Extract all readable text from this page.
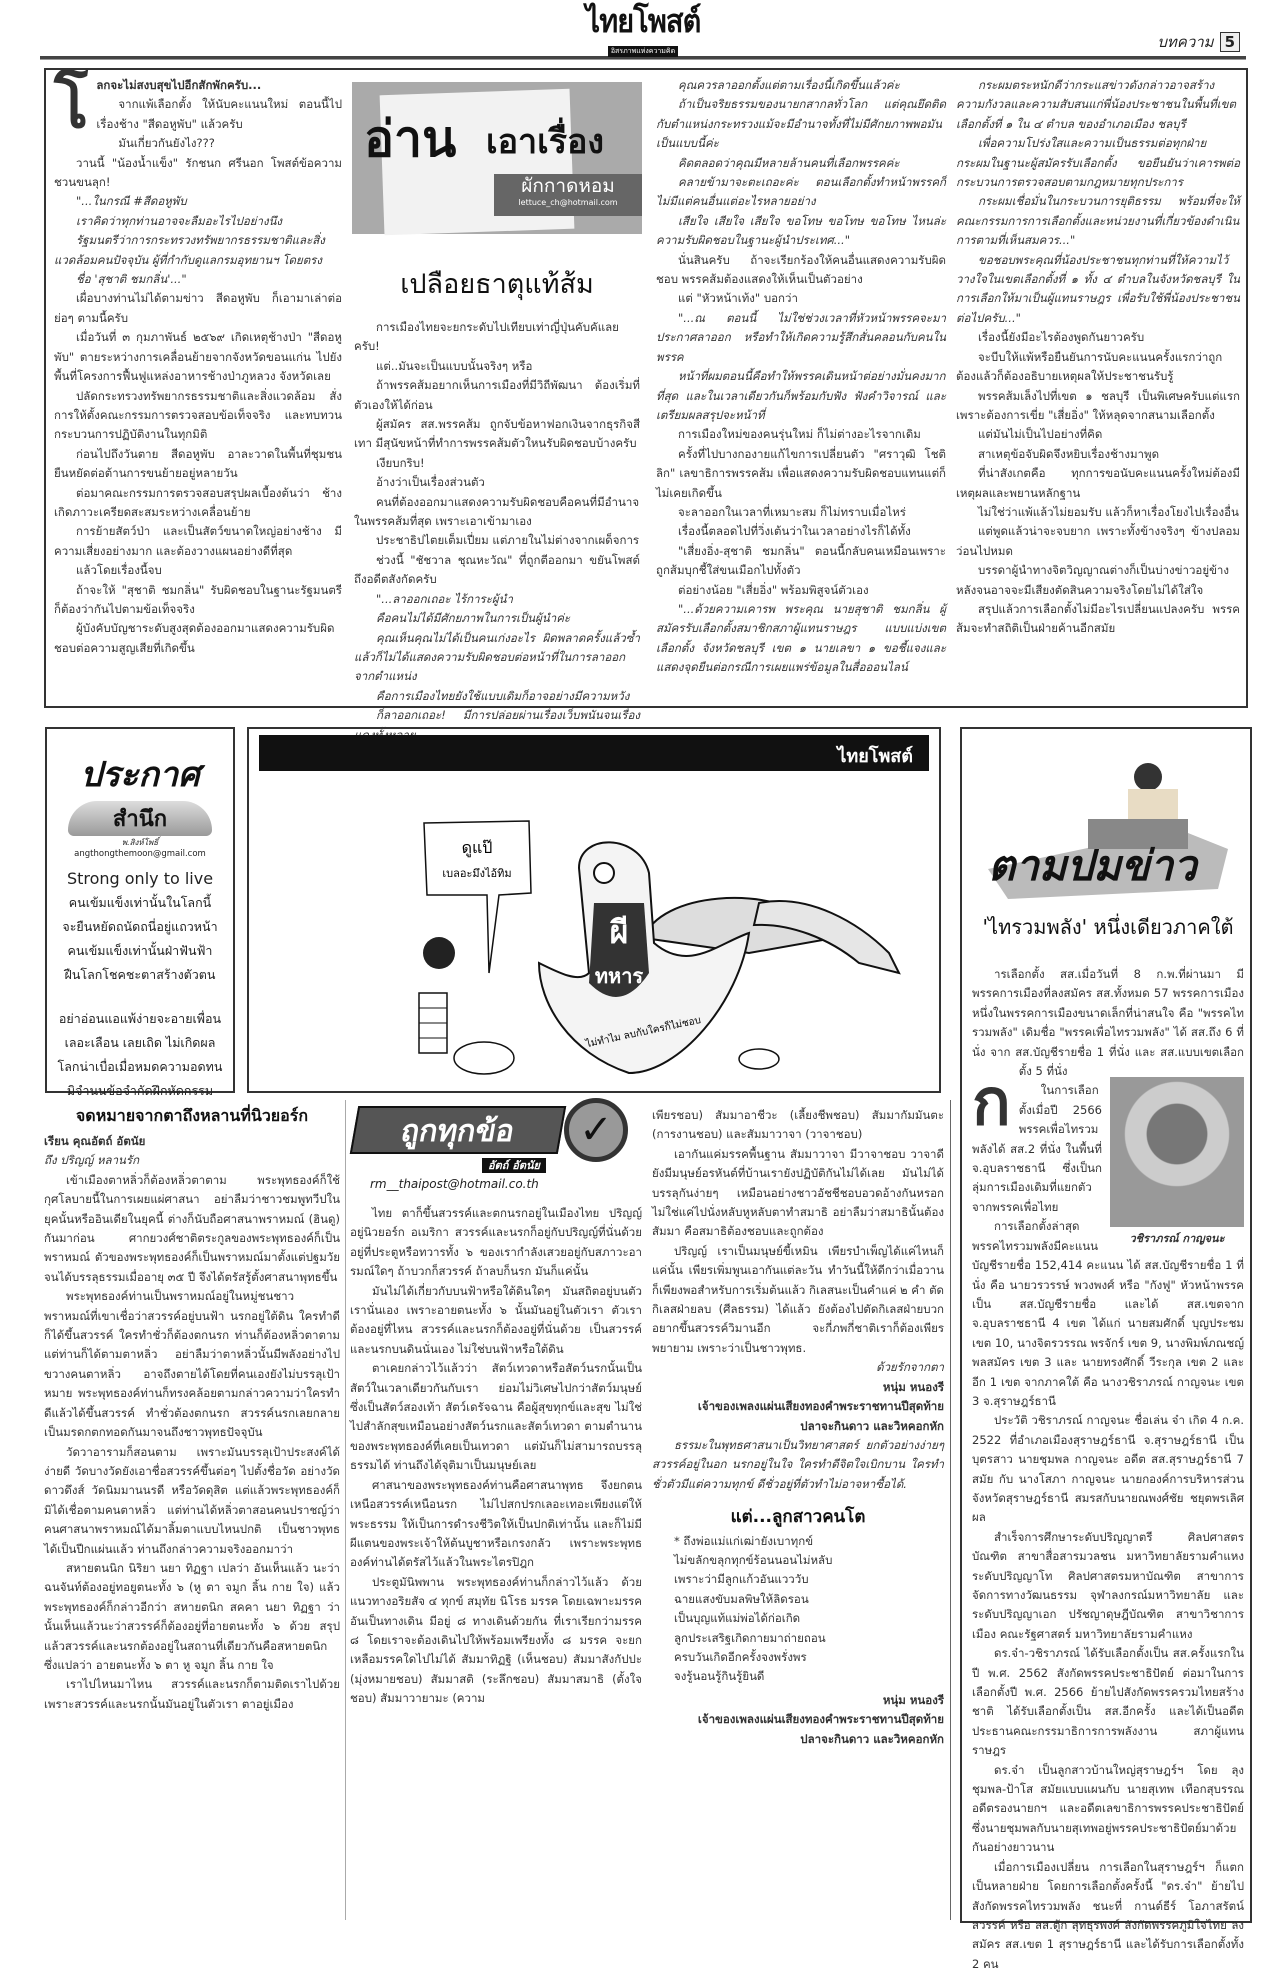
ไทยโพสต์
อิสรภาพแห่งความคิด	บทความ 5
โ ลกจะไม่สงบสุขไปอีกสักพักครับ...

จากแพ้เลือกตั้ง ให้นับคะแนนใหม่ ตอนนี้ไปเรื่องช้าง "สีดอหูพับ" แล้วครับ

มันเกี่ยวกันยังไง???

วานนี้ "น้องน้ำแข็ง" รักชนก ศรีนอก โพสต์ข้อความ ชวนขนลุก!

"...ในกรณี #สีดอหูพับ

เราคิดว่าทุกท่านอาจจะลืมอะไรไปอย่างนึง

รัฐมนตรีว่าการกระทรวงทรัพยากรธรรมชาติและสิ่งแวดล้อมคนปัจจุบัน ผู้ที่กำกับดูแลกรมอุทยานฯ โดยตรง

ชื่อ 'สุชาติ ชมกลิ่น'..."

เผื่อบางท่านไม่ได้ตามข่าว สีดอหูพับ ก็เอามาเล่าต่อย่อๆ ตามนี้ครับ

เมื่อวันที่ ๓ กุมภาพันธ์ ๒๕๖๙ เกิดเหตุช้างป่า "สีดอหูพับ" ตายระหว่างการเคลื่อนย้ายจากจังหวัดขอนแก่น ไปยังพื้นที่โครงการฟื้นฟูแหล่งอาหารช้างป่าภูหลวง จังหวัดเลย

ปลัดกระทรวงทรัพยากรธรรมชาติและสิ่งแวดล้อม สั่งการให้ตั้งคณะกรรมการตรวจสอบข้อเท็จจริง และทบทวนกระบวนการปฏิบัติงานในทุกมิติ

ก่อนไปถึงวันตาย สีดอหูพับ อาละวาดในพื้นที่ชุมชน ยืนหยัดต่อต้านการขนย้ายอยู่หลายวัน

ต่อมาคณะกรรมการตรวจสอบสรุปผลเบื้องต้นว่า ช้างเกิดภาวะเครียดสะสมระหว่างเคลื่อนย้าย

การย้ายสัตว์ป่า และเป็นสัตว์ขนาดใหญ่อย่างช้าง มีความเสี่ยงอย่างมาก และต้องวางแผนอย่างดีที่สุด

แล้วโดยเรื่องนี้จบ

ถ้าจะให้ "สุชาติ ชมกลิ่น" รับผิดชอบในฐานะรัฐมนตรี ก็ต้องว่ากันไปตามข้อเท็จจริง

ผู้บังคับบัญชาระดับสูงสุดต้องออกมาแสดงความรับผิดชอบต่อความสูญเสียที่เกิดขึ้น

อ่าน เอาเรื่อง
ผักกาดหอม
lettuce_ch@hotmail.com
เปลือยธาตุแท้ส้ม

การเมืองไทยจะยกระดับไปเทียบเท่าญี่ปุ่นคับคัแลยครับ!

แต่..มันจะเป็นแบบนั้นจริงๆ หรือ

ถ้าพรรคส้มอยากเห็นการเมืองที่มีวิถีพัฒนา ต้องเริ่มที่ตัวเองให้ได้ก่อน

ผู้สมัคร สส.พรรคส้ม ถูกจับข้อหาฟอกเงินจากธุรกิจสีเทา มีสุนัขหน้าที่ทำการพรรคส้มตัวใหนรับผิดชอบบ้างครับ

เงียบกริบ!

อ้างว่าเป็นเรื่องส่วนตัว

คนที่ต้องออกมาแสดงความรับผิดชอบคือคนที่มีอำนาจในพรรคส้มที่สุด เพราะเอาเข้ามาเอง

ประชาธิปไตยเต็มเปี่ยม แต่ภายในไม่ต่างจากเผด็จการ

ช่วงนี้ "ชัชวาล ชุณหะวัณ" ที่ถูกตีออกมา ขยันโพสต์ถึงอดีตสังกัดครับ

"...ลาออกเถอะ ไร้การะผู้นำ

คือคนไม่ได้มีศักยภาพในการเป็นผู้นำค่ะ

คุณเห็นคุณไม่ได้เป็นคนเก่งอะไร ผิดพลาดครั้งแล้วซ้ำแล้วก็ไม่ได้แสดงความรับผิดชอบต่อหน้าที่ในการลาออกจากตำแหน่ง

คือการเมืองไทยยังใช้แบบเดิมก็อาจอย่างมีความหวัง

ก็ลาออกเถอะ! มีการปล่อยผ่านเรื่องเว็บพนันจนเรื่อง

คุณควรลาออกตั้งแต่ตามเรื่องนี้เกิดขึ้นแล้วค่ะ

ถ้าเป็นจริยธรรมของนายกสากลทั่วโลก แต่คุณยึดติดกับตำแหน่งกระทรวงแม้จะมีอำนาจทั้งที่ไม่มีศักยภาพพอมันเป็นแบบนี้ค่ะ

คิดตลอดว่าคุณมีหลายล้านคนที่เลือกพรรคค่ะ

คลายข้ามาจะตะเถอะค่ะ ตอนเลือกตั้งทำหน้าพรรคก็ไม่มีแต่คนอื่นแต่อะไรหลายอย่าง

เสียใจ เสียใจ เสียใจ ขอโทษ ขอโทษ ขอโทษ ไหนล่ะความรับผิดชอบในฐานะผู้นำประเทศ..."

นั่นสินครับ ถ้าจะเรียกร้องให้คนอื่นแสดงความรับผิดชอบ พรรคส้มต้องแสดงให้เห็นเป็นตัวอย่าง

แต่ "หัวหน้าเท้ง" บอกว่า

"...ณ ตอนนี้ ไม่ใช่ช่วงเวลาที่หัวหน้าพรรคจะมาประกาศลาออก หรือทำให้เกิดความรู้สึกสั่นคลอนกับคนในพรรค

หน้าที่ผมตอนนี้คือทำให้พรรคเดินหน้าต่อย่างมั่นคงมากที่สุด และในเวลาเดียวกันก็พร้อมกับฟัง ฟังคำวิจารณ์ และเตรียมผลสรุปจะหน้าที่

การเมืองใหม่ของคนรุ่นใหม่ ก็ไม่ต่างอะไรจากเดิม

ครั้งที่ไปบางกองายแก้ไขการเปลี่ยนตัว "ศราวุฒิ โชติลิก" เลขาธิการพรรคส้ม เพื่อแสดงความรับผิดชอบแทนแต่ก็ไม่เคยเกิดขึ้น

จะลาออกในเวลาที่เหมาะสม ก็ไม่ทราบเมื่อไหร่

เรื่องนี้ตลอดไปที่วิ่งเต้นว่าในเวลาอย่างไรก็ได้ทั้ง

"เสี่ยงอิ่ง-สุชาติ ชมกลิ่น" ตอนนี้กลับคนเหมือนเพราะถูกส้มบุกชี้ใส่ขนเมือกไปทั้งตัว

ต่อย่างน้อย "เสี่ยอิ่ง" พร้อมพิสูจน์ตัวเอง

"...ด้วยความเคารพ พระคุณ นายสุชาติ ชมกลิ่น ผู้สมัครรับเลือกตั้งสมาชิกสภาผู้แทนราษฎร แบบแบ่งเขตเลือกตั้ง จังหวัดชลบุรี เขต ๑ นายเลขา ๑ ขอชี้แจงและแสดงจุดยืนต่อกรณีการเผยแพร่ข้อมูลในสื่อออนไลน์

กระผมตระหนักดีว่ากระแสข่าวดังกล่าวอาจสร้างความกังวลและความสับสนแก่พี่น้องประชาชนในพื้นที่เขตเลือกตั้งที่ ๑ ใน ๔ ตำบล ของอำเภอเมือง ชลบุรี

เพื่อความโปร่งใสและความเป็นธรรมต่อทุกฝ่าย กระผมในฐานะผู้สมัครรับเลือกตั้ง ขอยืนยันว่าเคารพต่อกระบวนการตรวจสอบตามกฎหมายทุกประการ

กระผมเชื่อมั่นในกระบวนการยุติธรรม พร้อมที่จะให้คณะกรรมการการเลือกตั้งและหน่วยงานที่เกี่ยวข้องดำเนินการตามที่เห็นสมควร..."

ขอชอบพระคุณที่น้องประชาชนทุกท่านที่ให้ความไว้วางใจในเขตเลือกตั้งที่ ๑ ทั้ง ๔ ตำบลในจังหวัดชลบุรี ในการเลือกให้มาเป็นผู้แทนราษฎร เพื่อรับใช้พี่น้องประชาชนต่อไปครับ..."

เรื่องนี้ยังมีอะไรต้องพูดกันยาวครับ

จะบีบให้แพ้หรือยืนยันการนับคะแนนครั้งแรกว่าถูกต้องแล้วก็ต้องอธิบายเหตุผลให้ประชาชนรับรู้

พรรคส้มเล็งไปที่เขต ๑ ชลบุรี เป็นพิเศษครับแต่แรก เพราะต้องการเขี่ย "เสี่ยอิ่ง" ให้หลุดจากสนามเลือกตั้ง

แต่มันไม่เป็นไปอย่างที่คิด

สาเหตุข้อจับผิดจึงหยิบเรื่องช้างมาพูด

ที่น่าสังเกตคือ ทุกการขอนับคะแนนครั้งใหม่ต้องมีเหตุผลและพยานหลักฐาน

ไม่ใช่ว่าแพ้แล้วไม่ยอมรับ แล้วก็หาเรื่องโยงไปเรื่องอื่น

แต่พูดแล้วน่าจะจบยาก เพราะทั้งข้างจริงๆ ข้างปลอม ว่อนไปหมด

บรรดาผู้นำทางจิตวิญญาณต่างก็เป็นบ่างข่าวอยู่ข้างหลังจนอาจจะมีเสียงตัดสินความจริงโดยไม่ได้ใส่ใจ

สรุปแล้วการเลือกตั้งไม่มีอะไรเปลี่ยนแปลงครับ พรรคส้มจะทำสถิติเป็นฝ่ายค้านอีกสมัย

ประกาศ
สำนึก
พ.สิงห์โพธิ์
angthongthemoon@gmail.com
Strong only to live
คนเข้มแข็งเท่านั้นในโลกนี้
จะยืนหยัดถนัดถนี่อยู่แถวหน้า
คนเข้มแข็งเท่านั้นฝ่าฟันฟ้า
ฝืนโลกโชคชะตาสร้างตัวตน
อย่าอ่อนแอแพ้ง่ายจะอายเพื่อน
เลอะเลือน เลยเถิด ไม่เกิดผล
โลกน่าเบื่อเมื่อหมดความอดทน
มิจำนนข้อจำกัดฝึกหัดกรรม
ไทยโพสต์
ดูแป๊
เบลอะมึงไอ้ทิม
ผี
ทหาร
ไม่ทำไม ลบกับใครก็ไม่ชอบ
ตามปมข่าว
'ไทรวมพลัง' หนึ่งเดียวภาคใต้
วชิราภรณ์ กาญจนะ
ก

ารเลือกตั้ง สส.เมื่อวันที่ 8 ก.พ.ที่ผ่านมา มีพรรคการเมืองที่ลงสมัคร สส.ทั้งหมด 57 พรรคการเมือง หนึ่งในพรรคการเมืองขนาดเล็กที่น่าสนใจ คือ "พรรคไทรวมพลัง" เดิมชื่อ "พรรคเพื่อไทรวมพลัง" ได้ สส.ถึง 6 ที่นั่ง จาก สส.บัญชีรายชื่อ 1 ที่นั่ง และ สส.แบบเขตเลือกตั้ง 5 ที่นั่ง

ในการเลือกตั้งเมื่อปี 2566 พรรคเพื่อไทรวมพลังได้ สส.2 ที่นั่ง ในพื้นที่ จ.อุบลราชธานี ซึ่งเป็นกลุ่มการเมืองเดิมที่แยกตัวจากพรรคเพื่อไทย

การเลือกตั้งล่าสุด พรรคไทรวมพลังมีคะแนนบัญชีรายชื่อ 152,414 คะแนน ได้ สส.บัญชีรายชื่อ 1 ที่นั่ง คือ นายวรวรรษ์ พวงพงศ์ หรือ "กังฟู" หัวหน้าพรรค เป็น สส.บัญชีรายชื่อ และได้ สส.เขตจาก จ.อุบลราชธานี 4 เขต ได้แก่ นายสมศักดิ์ บุญประชม เขต 10, นางจิตรวรรณ พรจักร์ เขต 9, นางพิมพ์ภณชญ์ พลสมัคร เขต 3 และ นายทรงศักดิ์ วีระกุล เขต 2 และอีก 1 เขต จากภาคใต้ คือ นางวชิราภรณ์ กาญจนะ เขต 3 จ.สุราษฎร์ธานี

ประวัติ วชิราภรณ์ กาญจนะ ชื่อเล่น จ๋า เกิด 4 ก.ค. 2522 ที่อำเภอเมืองสุราษฎร์ธานี จ.สุราษฎร์ธานี เป็นบุตรสาว นายชุมพล กาญจนะ อดีต สส.สุราษฎร์ธานี 7 สมัย กับ นางโสภา กาญจนะ นายกองค์การบริหารส่วนจังหวัดสุราษฎร์ธานี สมรสกับนายณพงศ์ชัย ชยุตพรเลิศผล

สำเร็จการศึกษาระดับปริญญาตรี ศิลปศาสตรบัณฑิต สาขาสื่อสารมวลชน มหาวิทยาลัยรามคำแหง ระดับปริญญาโท ศิลปศาสตรมหาบัณฑิต สาขาการจัดการทางวัฒนธรรม จุฬาลงกรณ์มหาวิทยาลัย และระดับปริญญาเอก ปรัชญาดุษฎีบัณฑิต สาขาวิชาการเมือง คณะรัฐศาสตร์ มหาวิทยาลัยรามคำแหง

ดร.จ๋า-วชิราภรณ์ ได้รับเลือกตั้งเป็น สส.ครั้งแรกใน ปี พ.ศ. 2562 สังกัดพรรคประชาธิปัตย์ ต่อมาในการเลือกตั้งปี พ.ศ. 2566 ย้ายไปสังกัดพรรครวมไทยสร้างชาติ ได้รับเลือกตั้งเป็น สส.อีกครั้ง และได้เป็นอดีตประธานคณะกรรมาธิการการพลังงาน สภาผู้แทนราษฎร

ดร.จ๋า เป็นลูกสาวบ้านใหญ่สุราษฎร์ฯ โดย ลุงชุมพล-ป้าโส สมัยแบบแผนกับ นายสุเทพ เทือกสุบรรณ อดีตรองนายกฯ และอดีตเลขาธิการพรรคประชาธิปัตย์ ซึ่งนายชุมพลกับนายสุเทพอยู่พรรคประชาธิปัตย์มาด้วยกันอย่างยาวนาน

เมื่อการเมืองเปลี่ยน การเลือกในสุราษฎร์ฯ ก็แตกเป็นหลายฝ่าย โดยการเลือกตั้งครั้งนี้ "ดร.จ๋า" ย้ายไปสังกัดพรรคไทรวมพลัง ชนะที่ กานต์ธีร์ โอภาสรัตน์สวรรค์ หรือ สส.ตู้ก สุทธุรพงศ์ สังกัดพรรคภูมิใจไทย ลงสมัคร สส.เขต 1 สุราษฎร์ธานี และได้รับการเลือกตั้งทั้ง 2 คน

จดหมายจากตาถึงหลานที่นิวยอร์ก

เรียน คุณอัตถ์ อัตนัย

ถึง ปริญญ์ หลานรัก

เข้าเมืองตาหลิ่วก็ต้องหลิ่วตาตาม พระพุทธองค์ก็ใช้กุศโลบายนี้ในการเผยแผ่ศาสนา อย่าลืมว่าชาวชมพูทวีปในยุคนั้นหรืออินเดียในยุคนี้ ต่างก็นับถือศาสนาพราหมณ์ (ฮินดู) กันมาก่อน ศากยวงศ์ชาติตระกูลของพระพุทธองค์ก็เป็นพราหมณ์ ตัวของพระพุทธองค์ก็เป็นพราหมณ์มาตั้งแต่ปฐมวัย จนได้บรรลุธรรมเมื่ออายุ ๓๕ ปี จึงได้ตรัสรู้ตั้งศาสนาพุทธขึ้น

พระพุทธองค์ท่านเป็นพราหมณ์อยู่ในหมู่ชนชาวพราหมณ์ที่เขาเชื่อว่าสวรรค์อยู่บนฟ้า นรกอยู่ใต้ดิน ใครทำดีก็ได้ขึ้นสวรรค์ ใครทำชั่วก็ต้องตกนรก ท่านก็ต้องหลิ่วตาตาม แต่ท่านก็ได้ตามตาหลิ่ว อย่าลืมว่าตาหลิ่วนั้นมีพลังอย่างไปขวางคนตาหลิ่ว อาจถึงตายได้โดยที่คนเองยังไม่บรรลุเป้าหมาย พระพุทธองค์ท่านก็ทรงคล้อยตามกล่าวความว่าใครทำดีแล้วได้ขึ้นสวรรค์ ทำชั่วต้องตกนรก สวรรค์นรกเลยกลายเป็นมรดกตกทอดกันมาจนถึงชาวพุทธปัจจุบัน

วัดวาอารามก็สอนตาม เพราะมันบรรลุเป้าประสงค์ได้ง่ายดี วัดบางวัดยังเอาชื่อสวรรค์ขึ้นต่อๆ ไปตั้งชื่อวัด อย่างวัดดาวดึงส์ วัดนิมมานนรดี หรือวัดดุสิต แต่แล้วพระพุทธองค์ก็มิได้เชื่อตามคนตาหลิ่ว แต่ท่านได้หลิ่วตาสอนคนปราชญ์ว่าคนศาสนาพราหมณ์ได้มาลิ้มตาแบบไหนปกติ เป็นชาวพุทธได้เป็นปีกแผ่นแล้ว ท่านถึงกล่าวความจริงออกมาว่า

สหายตนนิก นิริยา นยา ทิฏฐา เปลว่า อันเห็นแล้ว นะว่าฉนจันท์ต้องอยู่ทอยูตนะทั้ง ๖ (หู ตา จมูก ลิ้น กาย ใจ) แล้วพระพุทธองค์ก็กล่าวอีกว่า สหายตนิก สคคา นยา ทิฏฐา ว่านั้นเห็นแล้วนะว่าสวรรค์ก็ต้องอยู่ที่อายตนะทั้ง ๖ ด้วย สรุปแล้วสวรรค์และนรกต้องอยู่ในสถานที่เดียวกันคือสหายตนิก ซึ่งแปลว่า อายตนะทั้ง ๖ ตา หู จมูก ลิ้น กาย ใจ

เราไปไหนมาไหน สวรรค์และนรกก็ตามติดเราไปด้วย เพราะสวรรค์และนรกนั้นมันอยู่ในตัวเรา ตาอยู่เมือง

ถูกทุกข้อ	✓
อัตถ์ อัตนัย
rm__thaipost@hotmail.co.th

ไทย ตาก็ขึ้นสวรรค์และตกนรกอยู่ในเมืองไทย ปริญญ์อยู่นิวยอร์ก อเมริกา สวรรค์และนรกก็อยู่กับปริญญ์ที่นั่นด้วย อยู่ที่ประตูหรือทวารทั้ง ๖ ของเรากำลังเสวยอยู่กับสภาวะอารมณ์ใดๆ ถ้าบวกก็สวรรค์ ถ้าลบก็นรก มันก็แค่นั้น

มันไม่ได้เกี่ยวกับบนฟ้าหรือใต้ดินใดๆ มันสถิตอยู่บนตัวเรานั่นเอง เพราะอายตนะทั้ง ๖ นั้นมันอยู่ในตัวเรา ตัวเราต้องอยู่ที่ไหน สวรรค์และนรกก็ต้องอยู่ที่นั่นด้วย เป็นสวรรค์และนรกบนดินนั่นเอง ไม่ใช่บนฟ้าหรือใต้ดิน

ตาเคยกล่าวไว้แล้วว่า สัตว์เทวดาหรือสัตว์นรกนั้นเป็นสัตว์ในเวลาเดียวกันกับเรา ย่อมไม่วิเศษไปกว่าสัตว์มนุษย์ ซึ่งเป็นสัตว์สองเท้า สัตว์เดรัจฉาน คือผู้สุขทุกข์และสุข ไม่ใช่ไปสำลักสุขเหมือนอย่างสัตว์นรกและสัตว์เทวดา ตามตำนานของพระพุทธองค์ที่เคยเป็นเทวดา แต่มันก็ไม่สามารถบรรลุธรรมได้ ท่านถึงได้จุติมาเป็นมนุษย์เลย

ศาสนาของพระพุทธองค์ท่านคือศาสนาพุทธ จึงยกตนเหนือสวรรค์เหนือนรก ไม่ไปสกปรกเลอะเทอะเพียงแต่ให้พระธรรม ให้เป็นการดำรงชีวิตให้เป็นปกติเท่านั้น และก็ไม่มีผีแตนของพระเจ้าให้ต้นบูชาหรือเกรงกลัว เพราะพระพุทธองค์ท่านได้ตรัสไว้แล้วในพระไตรปิฎก

ประตูมันิพพาน พระพุทธองค์ท่านก็กล่าวไว้แล้ว ด้วยแนวทางอริยสัจ ๔ ทุกข์ สมุทัย นิโรธ มรรค โดยเฉพาะมรรคอันเป็นทางเดิน มีอยู่ ๘ ทางเดินด้วยกัน ที่เราเรียกว่ามรรค ๘ โดยเราจะต้องเดินไปให้พร้อมเพรียงทั้ง ๘ มรรค จะยกเหลือมรรคใดไปไม่ได้ สัมมาทิฏฐิ (เห็นชอบ) สัมมาสังกัปปะ (มุ่งหมายชอบ) สัมมาสติ (ระลึกชอบ) สัมมาสมาธิ (ตั้งใจชอบ) สัมมาวายามะ (ความ

เพียรชอบ) สัมมาอาชีวะ (เลี้ยงชีพชอบ) สัมมากัมมันตะ (การงานชอบ) และสัมมาวาจา (วาจาชอบ)

เอากันแค่มรรคพื้นฐาน สัมมาวาจา มีวาจาชอบ วาจาดี ยังมีมนุษย์อรหันต์ที่บ้านเรายังปฏิบัติกันไม่ได้เลย มันไม่ได้บรรลุกันง่ายๆ เหมือนอย่างชาวอัชชีชอบอวดอ้างกันหรอก ไม่ใช่แค่ไปนั่งหลับหูหลับตาทำสมาธิ อย่าลืมว่าสมาธินั้นต้องสัมมา คือสมาธิต้องชอบและถูกต้อง

ปริญญ์ เราเป็นมนุษย์ขี้เหมิน เพียรบำเพ็ญได้แค่ไหนก็แค่นั้น เพียรเพิ่มพูนเอากันแต่ละวัน ทำวันนี้ให้ดีกว่าเมื่อวาน ก็เพียงพอสำหรับการเริ่มต้นแล้ว กิเลสนะเป็นคำแค่ ๒ คำ ตัดกิเลสฝ่ายลบ (ศีลธรรม) ได้แล้ว ยังต้องไปตัดกิเลสฝ่ายบวกอยากขึ้นสวรรค์วิมานอีก จะกี่ภพกี่ชาติเราก็ต้องเพียรพยายาม เพราะว่าเป็นชาวพุทธ.

ด้วยรักจากตา

หนุ่ม หนองรี

เจ้าของเพลงแผ่นเสียงทองคำพระราชทานปีสุดท้าย

ปลาจะกินดาว และวิหคอกหัก

ธรรมะในพุทธศาสนาเป็นวิทยาศาสตร์ ยกตัวอย่างง่ายๆ สวรรค์อยู่ในอก นรกอยู่ในใจ ใครทำดีจิตใจเบิกบาน ใครทำชั่วตัวมีแต่ความทุกข์ ดีชั่วอยู่ที่ตัวทำไม่อาจหาซื้อได้.

แต่...ลูกสาวคนโต
* ถึงพ่อแม่แก่เฒ่ายังเบาทุกข์
ไม่ขลักขลุกทุกข์ร้อนนอนไม่หลับ
เพราะว่ามีลูกแก้วอันแวววับ
ฉายแสงขับมลพิษให้ลิดรอน
เป็นบุญแท้แม่พ่อได้ก่อเกิด
ลูกประเสริฐเกิดกายมาถ่ายถอน
ครบวันเกิดอีกครั้งจงพรั่งพร
จงรู้นอนรู้กินรู้ยินดี
หนุ่ม หนองรี
เจ้าของเพลงแผ่นเสียงทองคำพระราชทานปีสุดท้าย
ปลาจะกินดาว และวิหคอกหัก
